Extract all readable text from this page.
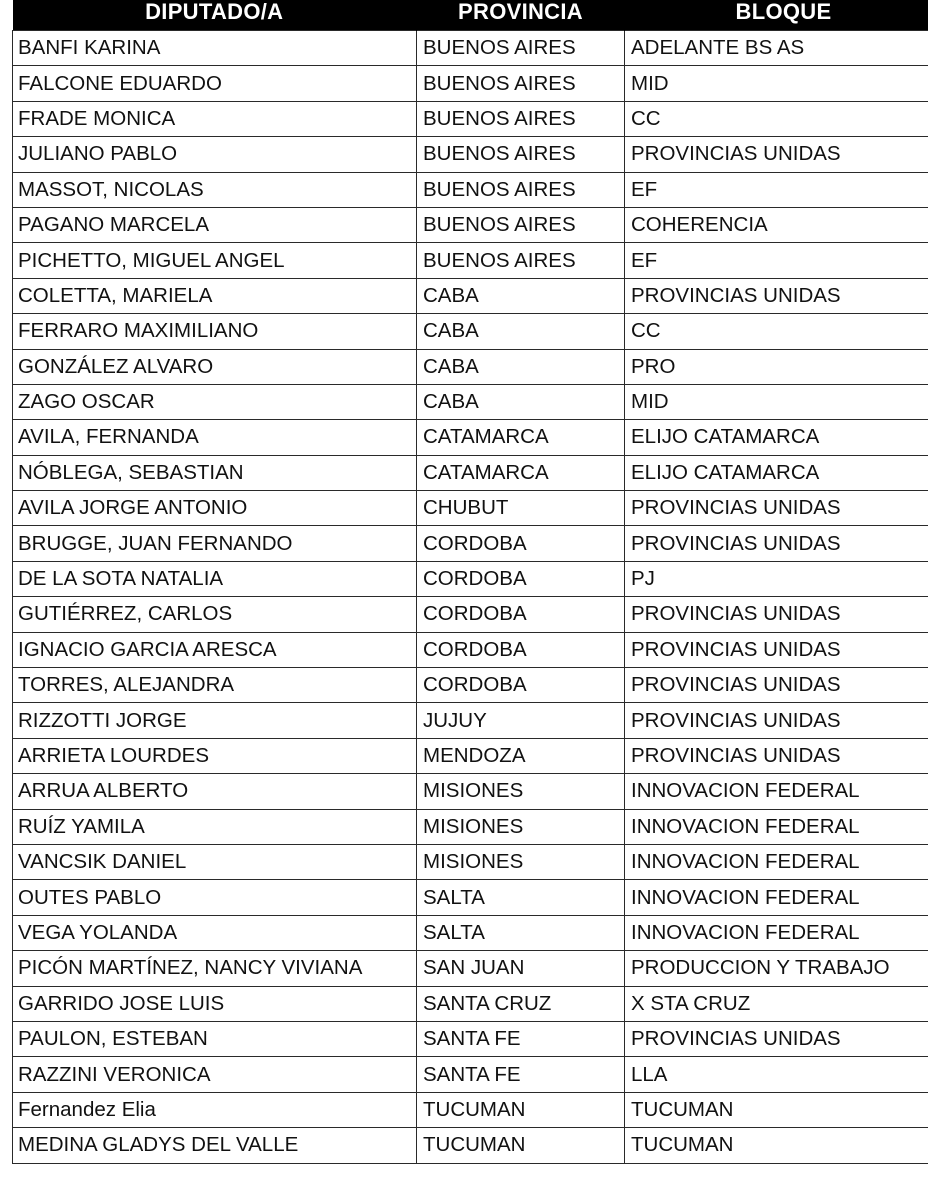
DIPUTADO/A	PROVINCIA	BLOQUE
BANFI KARINA	BUENOS AIRES	ADELANTE BS AS
FALCONE EDUARDO	BUENOS AIRES	MID
FRADE MONICA	BUENOS AIRES	CC
JULIANO PABLO	BUENOS AIRES	PROVINCIAS UNIDAS
MASSOT, NICOLAS	BUENOS AIRES	EF
PAGANO MARCELA	BUENOS AIRES	COHERENCIA
PICHETTO, MIGUEL ANGEL	BUENOS AIRES	EF
COLETTA, MARIELA	CABA	PROVINCIAS UNIDAS
FERRARO MAXIMILIANO	CABA	CC
GONZÁLEZ ALVARO	CABA	PRO
ZAGO OSCAR	CABA	MID
AVILA, FERNANDA	CATAMARCA	ELIJO CATAMARCA
NÓBLEGA, SEBASTIAN	CATAMARCA	ELIJO CATAMARCA
AVILA JORGE ANTONIO	CHUBUT	PROVINCIAS UNIDAS
BRUGGE, JUAN FERNANDO	CORDOBA	PROVINCIAS UNIDAS
DE LA SOTA NATALIA	CORDOBA	PJ
GUTIÉRREZ, CARLOS	CORDOBA	PROVINCIAS UNIDAS
IGNACIO GARCIA ARESCA	CORDOBA	PROVINCIAS UNIDAS
TORRES, ALEJANDRA	CORDOBA	PROVINCIAS UNIDAS
RIZZOTTI JORGE	JUJUY	PROVINCIAS UNIDAS
ARRIETA LOURDES	MENDOZA	PROVINCIAS UNIDAS
ARRUA ALBERTO	MISIONES	INNOVACION FEDERAL
RUÍZ YAMILA	MISIONES	INNOVACION FEDERAL
VANCSIK DANIEL	MISIONES	INNOVACION FEDERAL
OUTES PABLO	SALTA	INNOVACION FEDERAL
VEGA YOLANDA	SALTA	INNOVACION FEDERAL
PICÓN MARTÍNEZ, NANCY VIVIANA	SAN JUAN	PRODUCCION Y TRABAJO
GARRIDO JOSE LUIS	SANTA CRUZ	X STA CRUZ
PAULON, ESTEBAN	SANTA FE	PROVINCIAS UNIDAS
RAZZINI VERONICA	SANTA FE	LLA
Fernandez Elia	TUCUMAN	TUCUMAN
MEDINA GLADYS DEL VALLE	TUCUMAN	TUCUMAN
